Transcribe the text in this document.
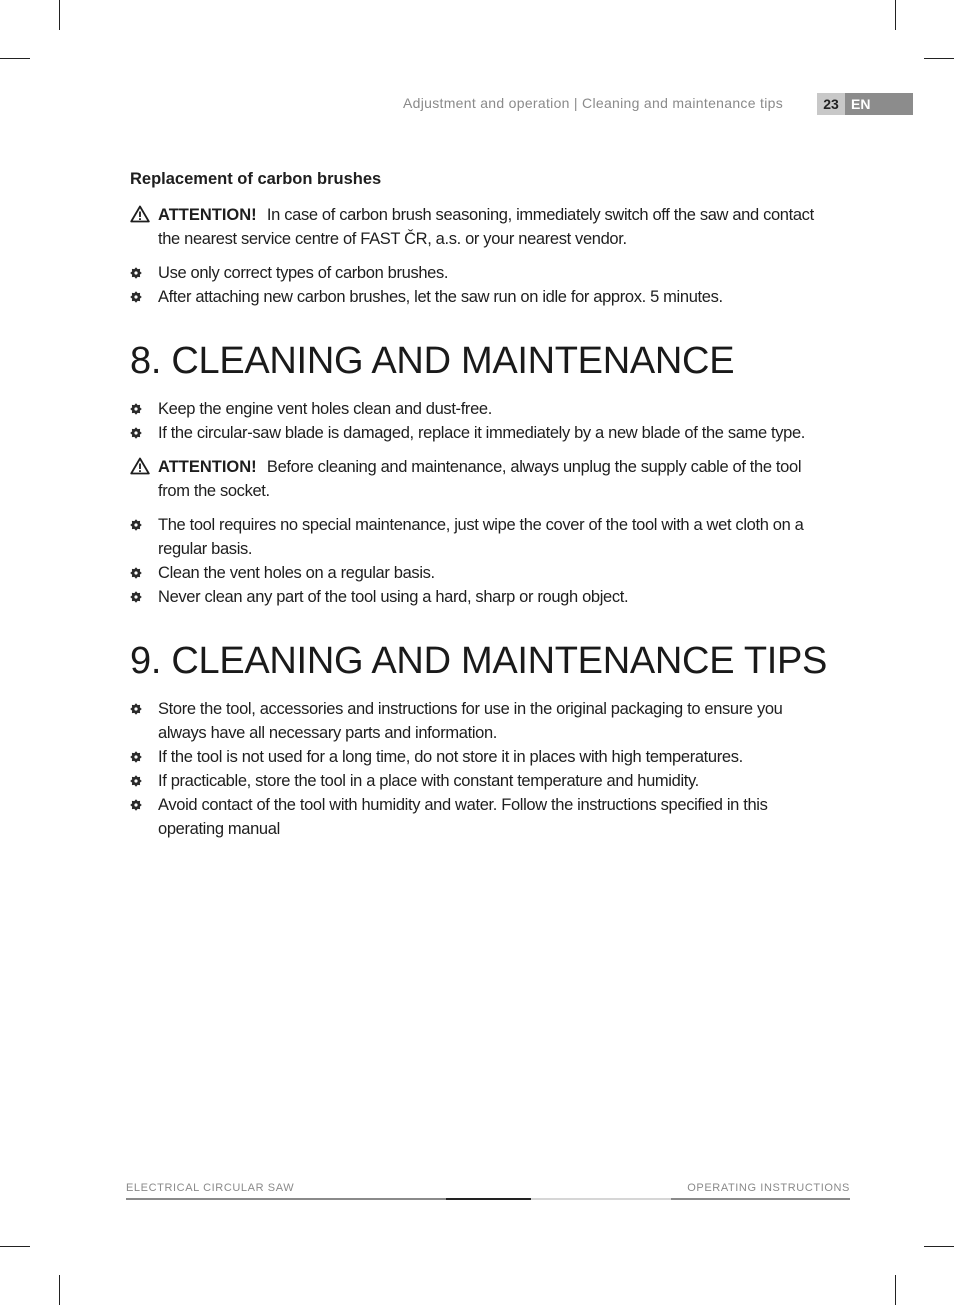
Adjustment and operation | Cleaning and maintenance tips	23 EN
Replacement of carbon brushes
ATTENTION! In case of carbon brush seasoning, immediately switch off the saw and contact the nearest service centre of FAST ČR, a.s. or your nearest vendor.
Use only correct types of carbon brushes.
After attaching new carbon brushes, let the saw run on idle for approx. 5 minutes.
8. CLEANING AND MAINTENANCE
Keep the engine vent holes clean and dust-free.
If the circular-saw blade is damaged, replace it immediately by a new blade of the same type.
ATTENTION! Before cleaning and maintenance, always unplug the supply cable of the tool from the socket.
The tool requires no special maintenance, just wipe the cover of the tool with a wet cloth on a regular basis.
Clean the vent holes on a regular basis.
Never clean any part of the tool using a hard, sharp or rough object.
9. CLEANING AND MAINTENANCE TIPS
Store the tool, accessories and instructions for use in the original packaging to ensure you always have all necessary parts and information.
If the tool is not used for a long time, do not store it in places with high temperatures.
If practicable, store the tool in a place with constant temperature and humidity.
Avoid contact of the tool with humidity and water. Follow the instructions specified in this operating manual
ELECTRICAL CIRCULAR SAW	OPERATING INSTRUCTIONS
